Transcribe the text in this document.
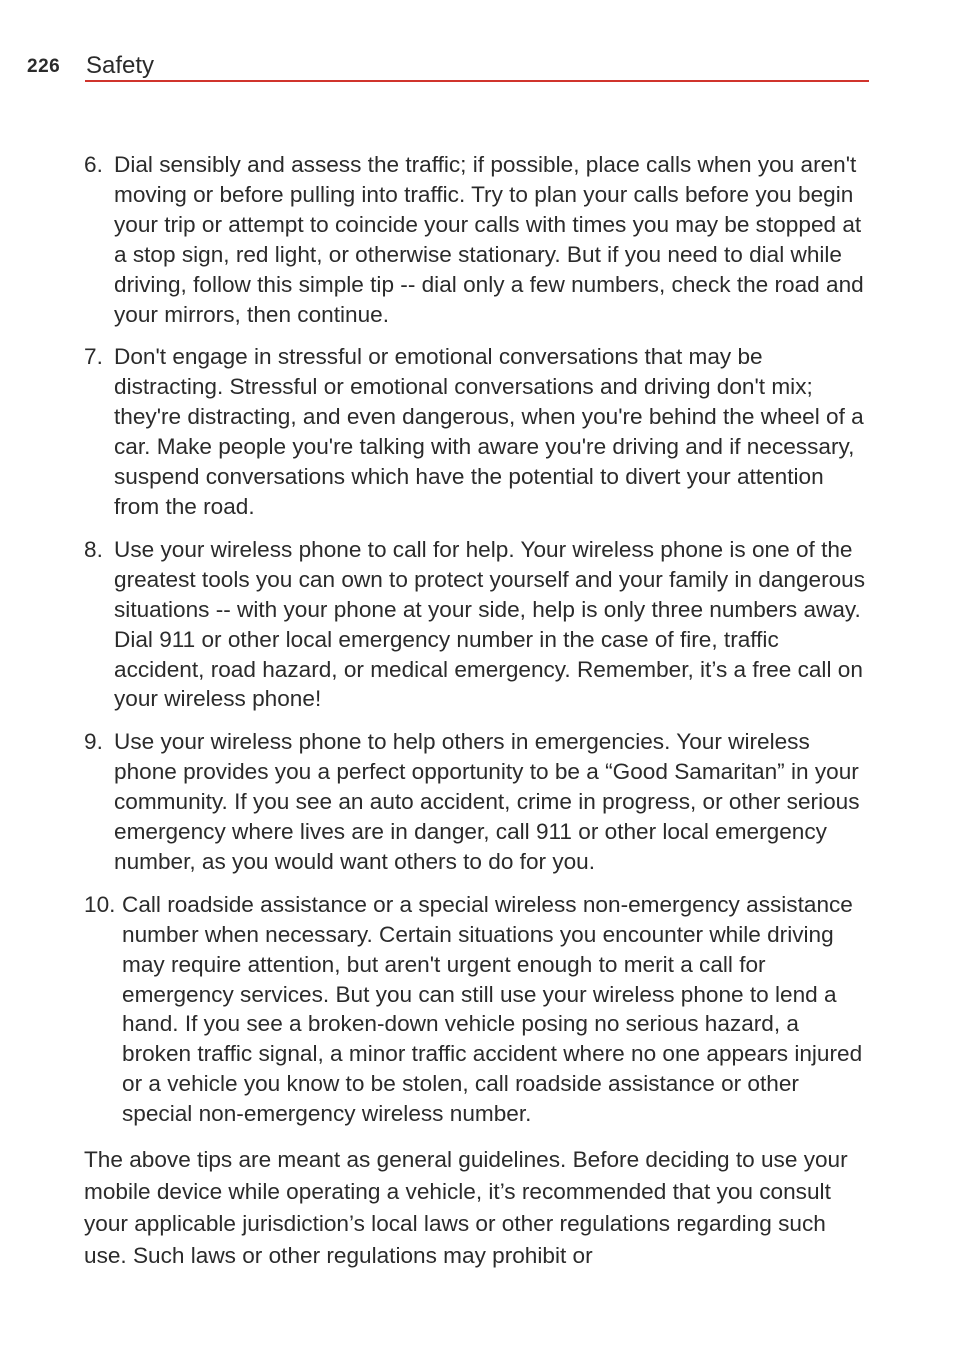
226 Safety
6. Dial sensibly and assess the traffic; if possible, place calls when you aren't moving or before pulling into traffic. Try to plan your calls before you begin your trip or attempt to coincide your calls with times you may be stopped at a stop sign, red light, or otherwise stationary. But if you need to dial while driving, follow this simple tip -- dial only a few numbers, check the road and your mirrors, then continue.
7. Don't engage in stressful or emotional conversations that may be distracting. Stressful or emotional conversations and driving don't mix; they're distracting, and even dangerous, when you're behind the wheel of a car. Make people you're talking with aware you're driving and if necessary, suspend conversations which have the potential to divert your attention from the road.
8. Use your wireless phone to call for help. Your wireless phone is one of the greatest tools you can own to protect yourself and your family in dangerous situations -- with your phone at your side, help is only three numbers away. Dial 911 or other local emergency number in the case of fire, traffic accident, road hazard, or medical emergency. Remember, it’s a free call on your wireless phone!
9. Use your wireless phone to help others in emergencies. Your wireless phone provides you a perfect opportunity to be a “Good Samaritan” in your community. If you see an auto accident, crime in progress, or other serious emergency where lives are in danger, call 911 or other local emergency number, as you would want others to do for you.
10. Call roadside assistance or a special wireless non-emergency assistance number when necessary. Certain situations you encounter while driving may require attention, but aren't urgent enough to merit a call for emergency services. But you can still use your wireless phone to lend a hand. If you see a broken-down vehicle posing no serious hazard, a broken traffic signal, a minor traffic accident where no one appears injured or a vehicle you know to be stolen, call roadside assistance or other special non-emergency wireless number.

The above tips are meant as general guidelines. Before deciding to use your mobile device while operating a vehicle, it’s recommended that you consult your applicable jurisdiction’s local laws or other regulations regarding such use. Such laws or other regulations may prohibit or
